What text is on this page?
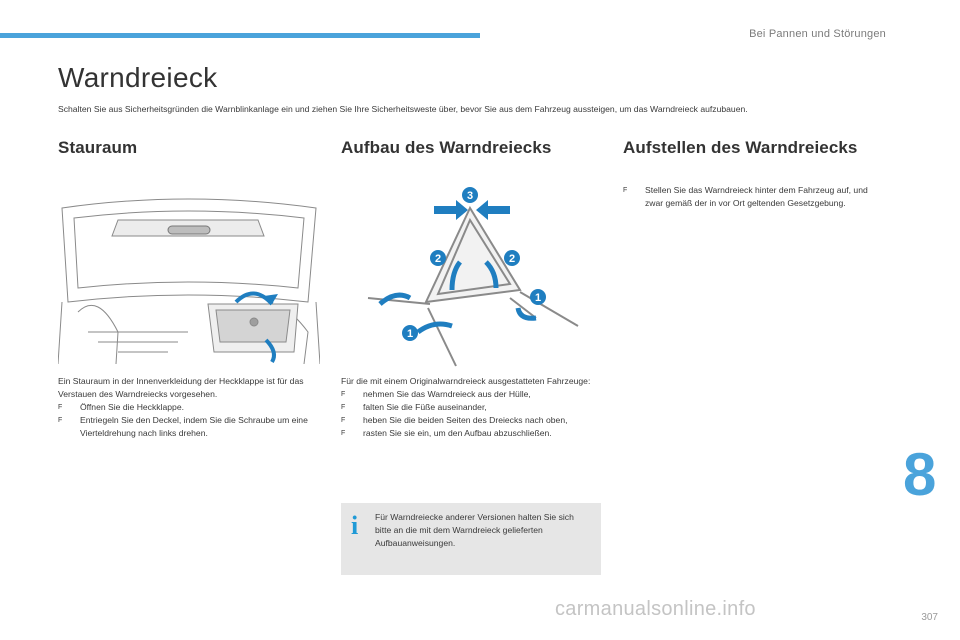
Bei Pannen und Störungen
Warndreieck
Schalten Sie aus Sicherheitsgründen die Warnblinkanlage ein und ziehen Sie Ihre Sicherheitsweste über, bevor Sie aus dem Fahrzeug aussteigen, um das Warndreieck aufzubauen.
Stauraum

Ein Stauraum in der Innenverkleidung der Heckklappe ist für das Verstauen des Warndreiecks vorgesehen.

F	Öffnen Sie die Heckklappe.
F	Entriegeln Sie den Deckel, indem Sie die Schraube um eine Vierteldrehung nach links drehen.
Aufbau des Warndreiecks
3
2	2
1
1

Für die mit einem Originalwarndreieck ausgestatteten Fahrzeuge:

F	nehmen Sie das Warndreieck aus der Hülle,
F	falten Sie die Füße auseinander,
F	heben Sie die beiden Seiten des Dreiecks nach oben,
F	rasten Sie sie ein, um den Aufbau abzuschließen.
i Für Warndreiecke anderer Versionen halten Sie sich bitte an die mit dem Warndreieck gelieferten Aufbauanweisungen.
Aufstellen des Warndreiecks
F	Stellen Sie das Warndreieck hinter dem Fahrzeug auf, und zwar gemäß der in vor Ort geltenden Gesetzgebung.
8
carmanualsonline.info	307
